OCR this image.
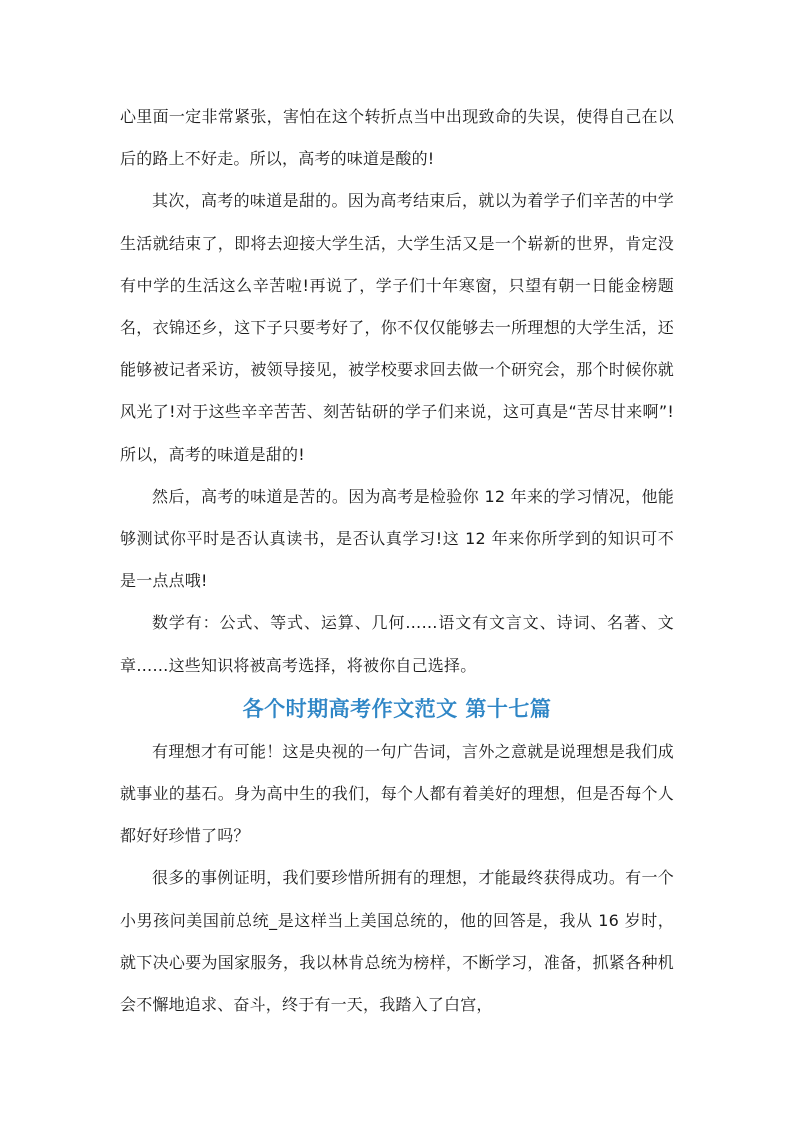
心里面一定非常紧张，害怕在这个转折点当中出现致命的失误，使得自己在以后的路上不好走。所以，高考的味道是酸的!

其次，高考的味道是甜的。因为高考结束后，就以为着学子们辛苦的中学生活就结束了，即将去迎接大学生活，大学生活又是一个崭新的世界，肯定没有中学的生活这么辛苦啦!再说了，学子们十年寒窗，只望有朝一日能金榜题名，衣锦还乡，这下子只要考好了，你不仅仅能够去一所理想的大学生活，还能够被记者采访，被领导接见，被学校要求回去做一个研究会，那个时候你就风光了!对于这些辛辛苦苦、刻苦钻研的学子们来说，这可真是“苦尽甘来啊”!所以，高考的味道是甜的!

然后，高考的味道是苦的。因为高考是检验你 12 年来的学习情况，他能够测试你平时是否认真读书，是否认真学习!这 12 年来你所学到的知识可不是一点点哦!

数学有：公式、等式、运算、几何……语文有文言文、诗词、名著、文章……这些知识将被高考选择，将被你自己选择。

各个时期高考作文范文 第十七篇

有理想才有可能！这是央视的一句广告词，言外之意就是说理想是我们成就事业的基石。身为高中生的我们，每个人都有着美好的理想，但是否每个人都好好珍惜了吗？

很多的事例证明，我们要珍惜所拥有的理想，才能最终获得成功。有一个小男孩问美国前总统_是这样当上美国总统的，他的回答是，我从 16 岁时，就下决心要为国家服务，我以林肯总统为榜样，不断学习，准备，抓紧各种机会不懈地追求、奋斗，终于有一天，我踏入了白宫，
